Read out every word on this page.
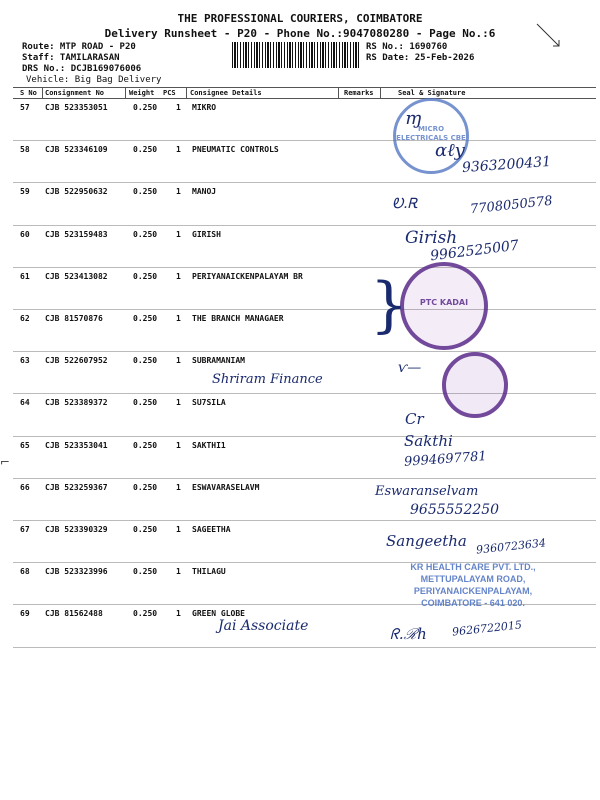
THE PROFESSIONAL COURIERS, COIMBATORE
Delivery Runsheet - P20 - Phone No.:9047080280 - Page No.:6
Route: MTP ROAD - P20
Staff: TAMILARASAN
DRS No.: DCJB169076006
Vehicle: Big Bag Delivery
RS No.: 1690760
RS Date: 25-Feb-2026
S No Consignment No	Weight PCS Consignee Details	Remarks	Seal & Signature
57 CJB 523353051	0.250 1 MIKRO
58 CJB 523346109	0.250 1 PNEUMATIC CONTROLS
59 CJB 522950632	0.250 1 MANOJ
60 CJB 523159483	0.250 1 GIRISH
61 CJB 523413082	0.250 1 PERIYANAICKENPALAYAM BR
62 CJB 81570876	0.250 1 THE BRANCH MANAGAER
63 CJB 522607952	0.250 1 SUBRAMANIAM
64 CJB 523389372	0.250 1 SU7SILA
65 CJB 523353041	0.250 1 SAKTHI1
66 CJB 523259367	0.250 1 ESWAVARASELAVM
67 CJB 523390329	0.250 1 SAGEETHA
68 CJB 523323996	0.250 1 THILAGU
69 CJB 81562488	0.250 1 GREEN GLOBE
MICRO ELECTRICALS CBE
PTC KADAI
KR HEALTH CARE PVT. LTD.,
METTUPALAYAM ROAD,
PERIYANAICKENPALAYAM,
COIMBATORE - 641 020.
ɱ
ɑℓy
9363200431
Ꭷ.Ꭱ	7708050578
Girish
9962525007
}
ⱱ—
Shriram Finance
Cr
Sakthi
9994697781
Eswaranselvam
9655552250
Sangeetha 9360723634
Jai Associate	ᖇ.ℛℎ 9626722015
⌐
